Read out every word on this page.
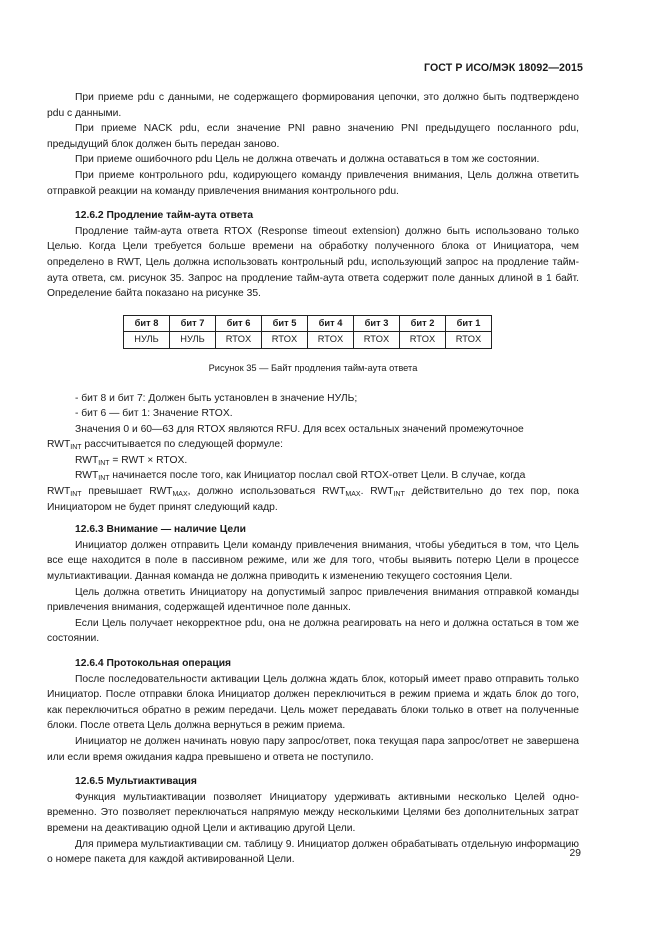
ГОСТ Р ИСО/МЭК 18092—2015

При приеме pdu с данными, не содержащего формирования цепочки, это должно быть подтверждено pdu с данными.

При приеме NACK pdu, если значение PNI равно значению PNI предыдущего посланного pdu, предыдущий блок должен быть передан заново.

При приеме ошибочного pdu Цель не должна отвечать и должна оставаться в том же состоянии.

При приеме контрольного pdu, кодирующего команду привлечения внимания, Цель должна ответить отправкой реакции на команду привлечения внимания контрольного pdu.

12.6.2 Продление тайм-аута ответа

Продление тайм-аута ответа RTOX (Response timeout extension) должно быть использовано только Целью. Когда Цели требуется больше времени на обработку полученного блока от Инициатора, чем определено в RWT, Цель должна использовать контрольный pdu, использующий запрос на продление тайм-аута ответа, см. рисунок 35. Запрос на продление тайм-аута ответа содержит поле данных длиной в 1 байт. Определение байта показано на рисунке 35.

бит 8	бит 7	бит 6	бит 5	бит 4	бит 3	бит 2	бит 1
НУЛЬ	НУЛЬ	RTOX	RTOX	RTOX	RTOX	RTOX	RTOX
Рисунок 35 — Байт продления тайм-аута ответа

- бит 8 и бит 7: Должен быть установлен в значение НУЛЬ;

- бит 6 — бит 1: Значение RTOX.

Значения 0 и 60—63 для RTOX являются RFU. Для всех остальных значений промежуточное
$RWT_{INT}$ рассчитывается по следующей формуле:

$RWT_{INT}$ = RWT × RTOX.

$RWT_{INT}$ начинается после того, как Инициатор послал свой RTOX-ответ Цели. В случае, когда
$RWT_{INT}$ превышает $RWT_{MAX}$, должно использоваться $RWT_{MAX}$. $RWT_{INT}$ действительно до тех пор, пока Инициатором не будет принят следующий кадр.

12.6.3 Внимание — наличие Цели

Инициатор должен отправить Цели команду привлечения внимания, чтобы убедиться в том, что Цель все еще находится в поле в пассивном режиме, или же для того, чтобы выявить потерю Цели в процессе мультиактивации. Данная команда не должна приводить к изменению текущего состояния Цели.

Цель должна ответить Инициатору на допустимый запрос привлечения внимания отправкой команды привлечения внимания, содержащей идентичное поле данных.

Если Цель получает некорректное pdu, она не должна реагировать на него и должна остаться в том же состоянии.

12.6.4 Протокольная операция

После последовательности активации Цель должна ждать блок, который имеет право отправить только Инициатор. После отправки блока Инициатор должен переключиться в режим приема и ждать блок до того, как переключиться обратно в режим передачи. Цель может передавать блоки только в ответ на полученные блоки. После ответа Цель должна вернуться в режим приема.

Инициатор не должен начинать новую пару запрос/ответ, пока текущая пара запрос/ответ не завершена или если время ожидания кадра превышено и ответа не поступило.

12.6.5 Мультиактивация

Функция мультиактивации позволяет Инициатору удерживать активными несколько Целей одновременно. Это позволяет переключаться напрямую между несколькими Целями без дополнительных затрат времени на деактивацию одной Цели и активацию другой Цели.

Для примера мультиактивации см. таблицу 9. Инициатор должен обрабатывать отдельную информацию о номере пакета для каждой активированной Цели.

29
